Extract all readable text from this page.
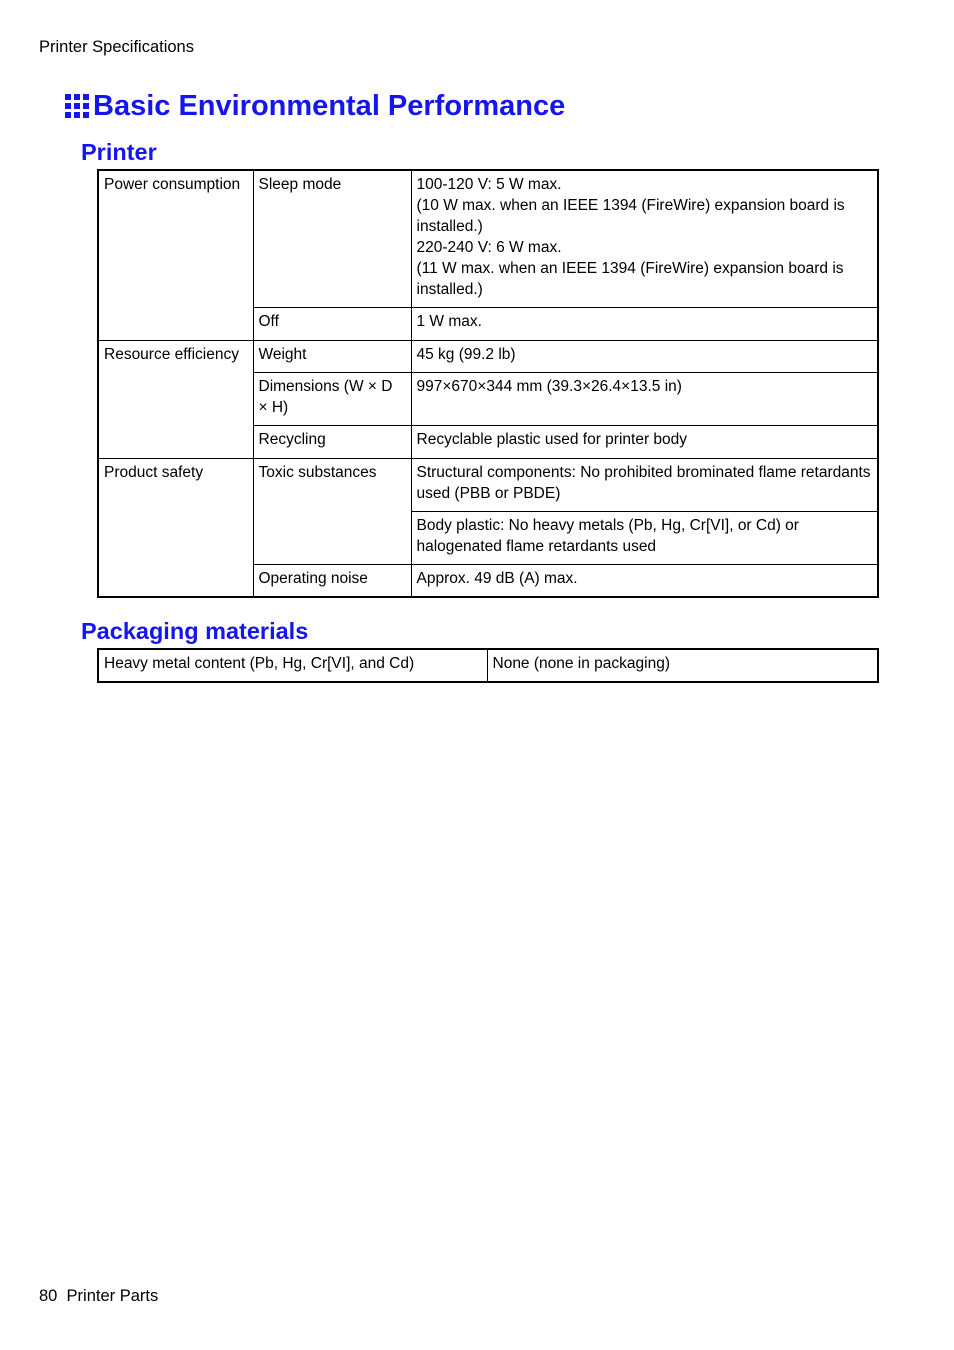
Printer Specifications
Basic Environmental Performance
Printer
Power consumption	Sleep mode	100-120 V: 5 W max.
(10 W max. when an IEEE 1394 (FireWire) expansion board is installed.)
220-240 V: 6 W max.
(11 W max. when an IEEE 1394 (FireWire) expansion board is installed.)
	Off	1 W max.
Resource efficiency	Weight	45 kg (99.2 lb)
	Dimensions (W × D × H)	997×670×344 mm (39.3×26.4×13.5 in)
	Recycling	Recyclable plastic used for printer body
Product safety	Toxic substances	Structural components: No prohibited brominated flame retardants used (PBB or PBDE)
		Body plastic: No heavy metals (Pb, Hg, Cr[VI], or Cd) or halogenated flame retardants used
	Operating noise	Approx. 49 dB (A) max.
Packaging materials
Heavy metal content (Pb, Hg, Cr[VI], and Cd)	None (none in packaging)
80 Printer Parts
